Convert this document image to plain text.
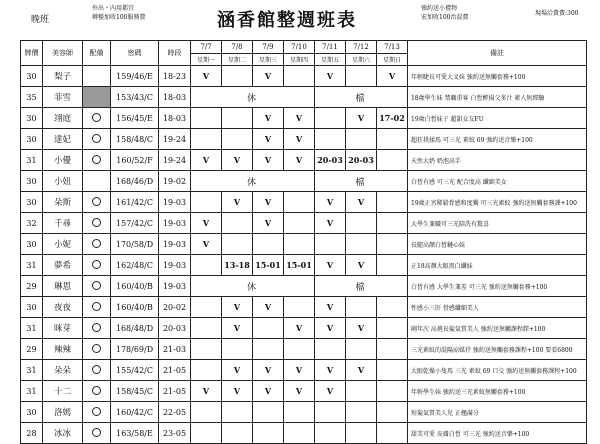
晚班
外出・內用都宜
轉檯加收100服務費	涵香館整週班表
強約送小禮物
宏加收100治混費
現場洽費費:300
牌價	美容師	配備	密碼	時段	7/7	7/8	7/9	7/10	7/11	7/12	7/13	備註
					星期一	星期二	星期三	星期四	星期五	星期六	星期日	
30	梨子		159/46/E	18-23	V		V		V		V	年輕睫長可愛大叉妹 強約送無觸套務+100
35	菲雪		153/43/C	18-03	休				檔			18歲學生妹 禁職重客 白皙醉揚父多汁 素人無經驗
30	翊庭		156/45/E	18-03			V	V		V	17-02	19歲白皙妹子 超甜女友FU
30	達妃		158/48/C	19-24			V	V				超狂拱揉馬 可三光 素蚊 69 強約送音樂+100
31	小優		160/52/F	19-24	V	V	V	V	20-03	20-03		天然大奶 奶泡高手
30	小妞		168/46/D	19-02	休				檔			白皙有感 可三光 配合度高 纖細美女
30	朵斯		161/42/C	19-03		V	V		V	V		19歲正宮稀鬆骨感和度獨 可三光素蚊 強約送無觸套務課+100
32	千尋		157/42/C	19-03	V		V		V			大學生兼職可三光陪洗有驚喜
30	小妮		170/58/D	19-03	V							長腿高顏白皙鏈心妹
31	夢希		162/48/C	19-03		13-18	15-01	15-01	V	V		正18高顏大眼黑白纖妹
29	琳恩		160/40/B	19-03	休				檔			白皙有感 大學生兼差 可三光 強約送無觸套務+100
30	夜夜		160/40/B	20-02		V	V		V			性感小三肝 骨感纖細美人
31	咪芽		168/48/D	20-03		V		V	V	V		剛年次 高挑長髮氣質美人 強約送無觸課程繹+100
29	辣辣		178/69/D	21-03								三光素蚊的混陽涼媒抒 強約送無觸套務課程+100 要看6800
31	朵朵		155/42/C	21-05		V	V	V	V	V		大眼乾燥小隻馬 三光 素蚊 69 口交 強約送無觸套務課程+100
31	十二		158/45/C	21-05	V	V	V	V	V			年輕學生妹 強約送三光素蚊無觸套務+100
30	洛嫣		160/42/C	22-05								短髮氣質美人兒 正翹滿分
28	冰冰		163/58/E	23-05								甜美可愛 皮膚白皙 可三光 強約送音樂+100
